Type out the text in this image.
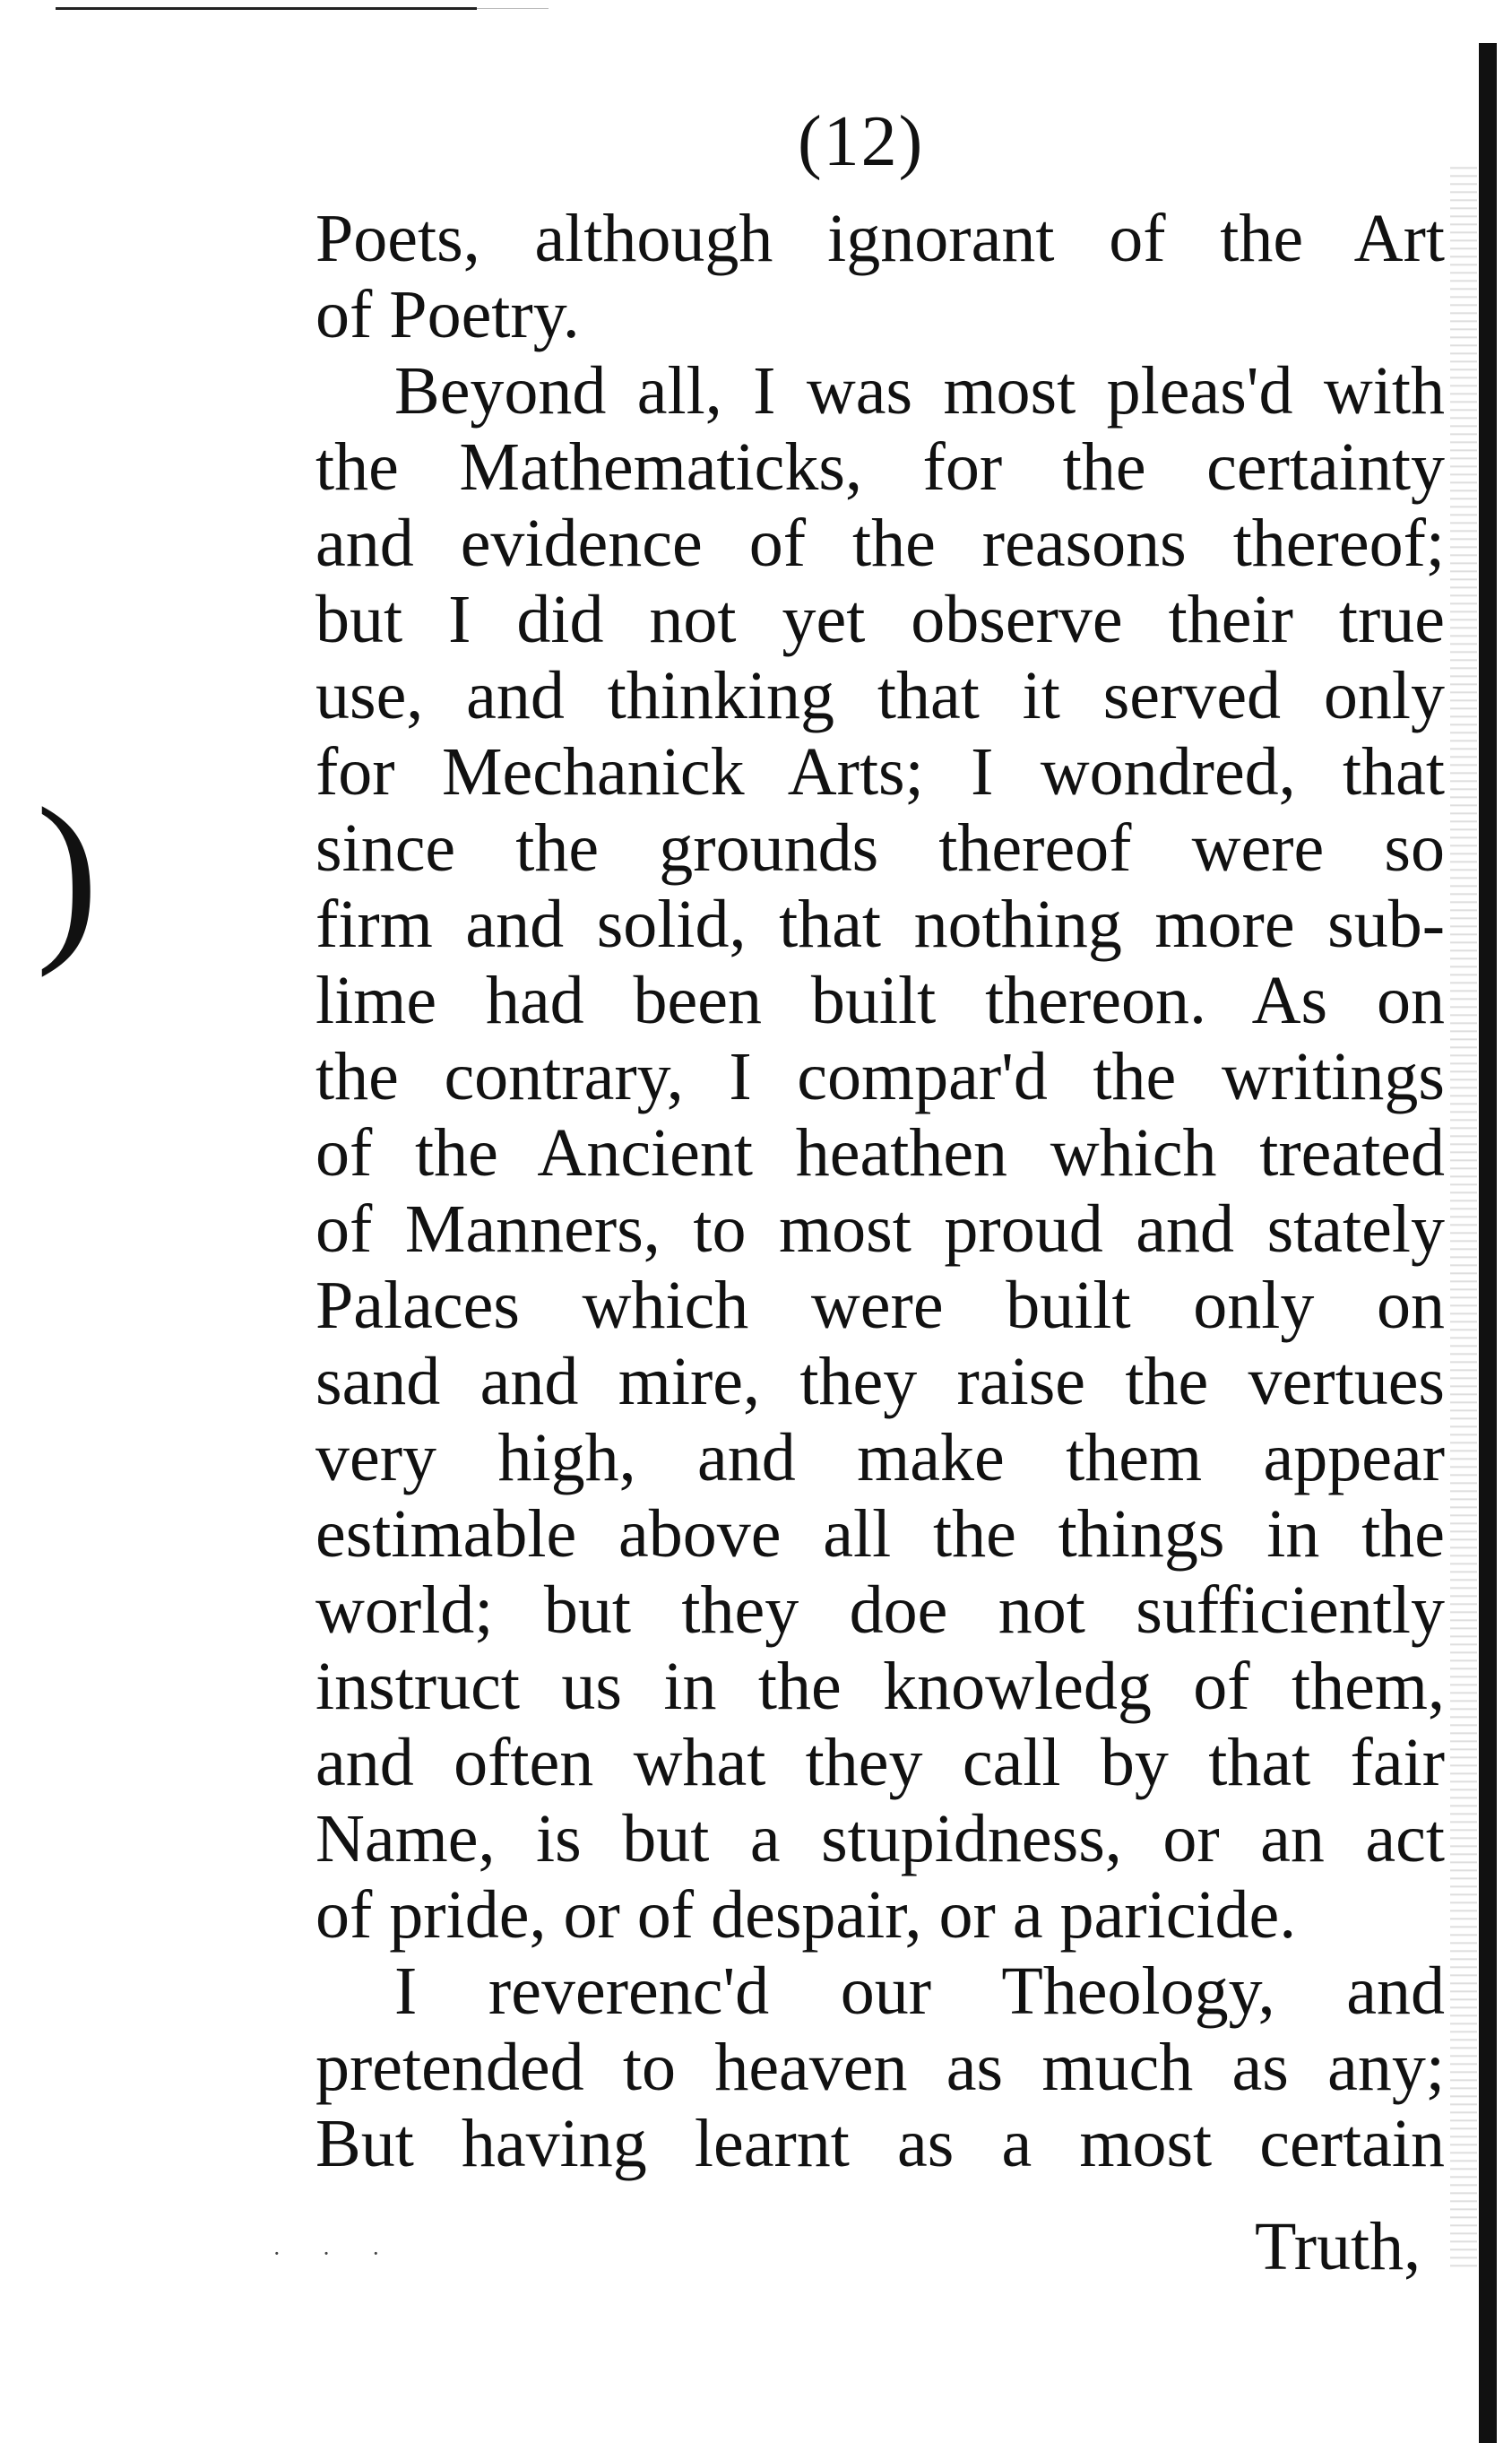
)
(12)
Poets, although ignorant of the Art
of Poetry.
Beyond all, I was most pleas'd with
the Mathematicks, for the certainty
and evidence of the reasons thereof;
but I did not yet observe their true
use, and thinking that it served only
for Mechanick Arts; I wondred, that
since the grounds thereof were so
firm and solid, that nothing more sub-
lime had been built thereon. As on
the contrary, I compar'd the writings
of the Ancient heathen which treated
of Manners, to most proud and stately
Palaces which were built only on
sand and mire, they raise the vertues
very high, and make them appear
estimable above all the things in the
world; but they doe not sufficiently
instruct us in the knowledg of them,
and often what they call by that fair
Name, is but a stupidness, or an act
of pride, or of despair, or a paricide.
I reverenc'd our Theology, and
pretended to heaven as much as any;
But having learnt as a most certain
Truth,
· · ·
